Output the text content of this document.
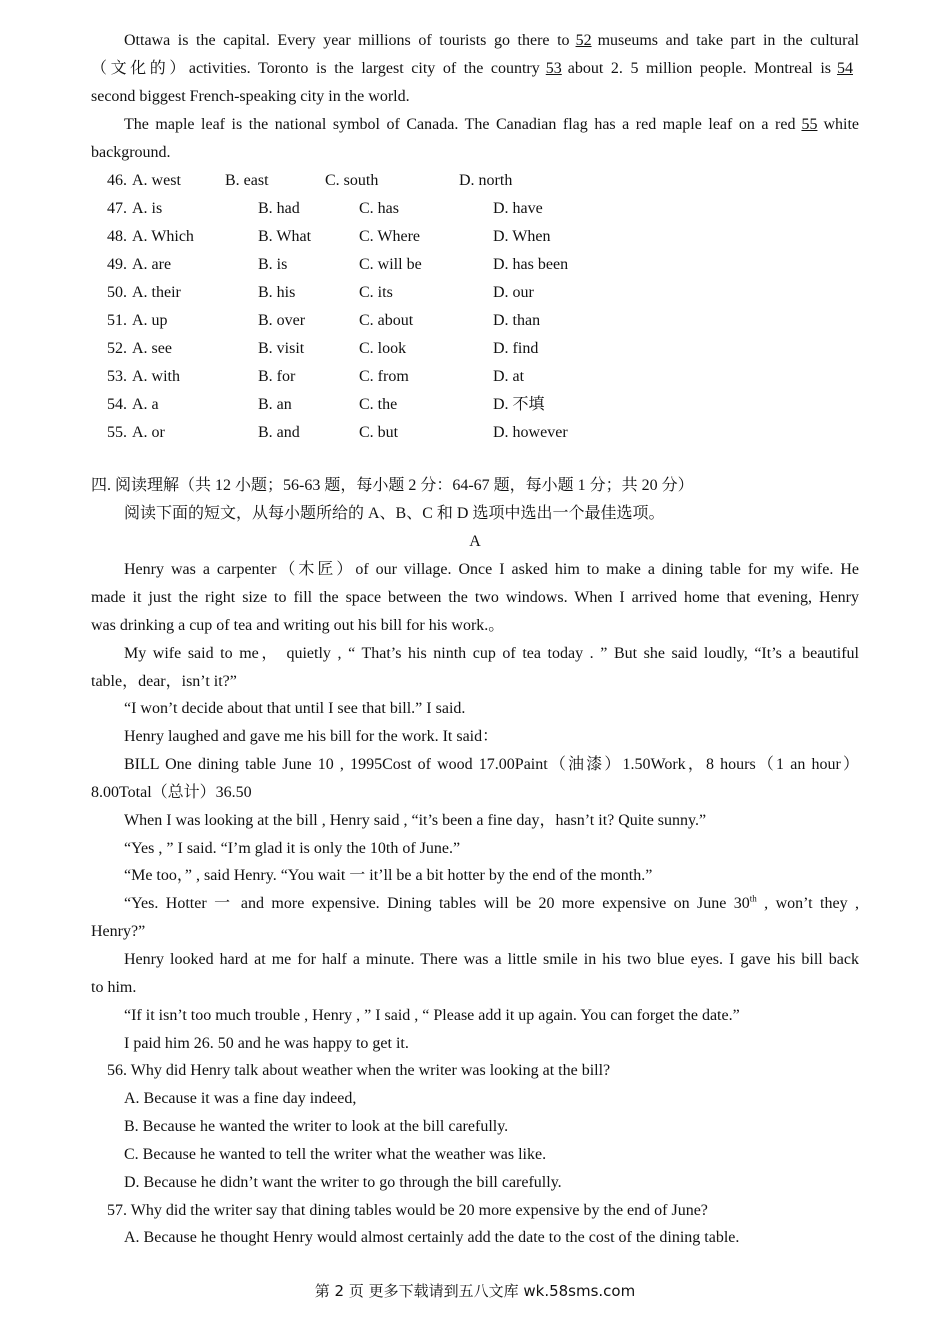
Ottawa is the capital. Every year millions of tourists go there to 52 museums and take part in the cultural
（文化的）activities. Toronto is the largest city of the country 53 about 2. 5 million people. Montreal is 54
second biggest French-speaking city in the world.
The maple leaf is the national symbol of Canada. The Canadian flag has a red maple leaf on a red 55 white
background.
46. A. west	B. east	C. south	D. north
47. A. is	B. had	C. has	D. have
48. A. Which	B. What	C. Where	D. When
49. A. are	B. is	C. will be	D. has been
50. A. their	B. his	C. its	D. our
51. A. up	B. over	C. about	D. than
52. A. see	B. visit	C. look	D. find
53. A. with	B. for	C. from	D. at
54. A. a	B. an	C. the	D. 不填
55. A. or	B. and	C. but	D. however
四. 阅读理解（共 12 小题；56-63 题，每小题 2 分：64-67 题，每小题 1 分；共 20 分）
阅读下面的短文，从每小题所给的 A、B、C 和 D 选项中选出一个最佳选项。
A
Henry was a carpenter（木匠）of our village. Once I asked him to make a dining table for my wife. He
made it just the right size to fill the space between the two windows. When I arrived home that evening, Henry
was drinking a cup of tea and writing out his bill for his work.。
My wife said to me， quietly , “ That’s his ninth cup of tea today . ” But she said loudly, “It’s a beautiful
table，dear，isn’t it?”
“I won’t decide about that until I see that bill.” I said.
Henry laughed and gave me his bill for the work. It said：
BILL One dining table June 10 , 1995Cost of wood 17.00Paint（油漆）1.50Work，8 hours（1 an hour）
8.00Total（总计）36.50
When I was looking at the bill , Henry said , “it’s been a fine day，hasn’t it? Quite sunny.”
“Yes , ” I said. “I’m glad it is only the 10th of June.”
“Me too，” , said Henry. “You wait 一 it’ll be a bit hotter by the end of the month.”
“Yes. Hotter 一 and more expensive. Dining tables will be 20 more expensive on June 30th , won’t they ,
Henry?”
Henry looked hard at me for half a minute. There was a little smile in his two blue eyes. I gave his bill back
to him.
“If it isn’t too much trouble , Henry , ” I said , “ Please add it up again. You can forget the date.”
I paid him 26. 50 and he was happy to get it.
56. Why did Henry talk about weather when the writer was looking at the bill?
A. Because it was a fine day indeed,
B. Because he wanted the writer to look at the bill carefully.
C. Because he wanted to tell the writer what the weather was like.
D. Because he didn’t want the writer to go through the bill carefully.
57. Why did the writer say that dining tables would be 20 more expensive by the end of June?
A. Because he thought Henry would almost certainly add the date to the cost of the dining table.
第 2 页 更多下载请到五八文库 wk.58sms.com
